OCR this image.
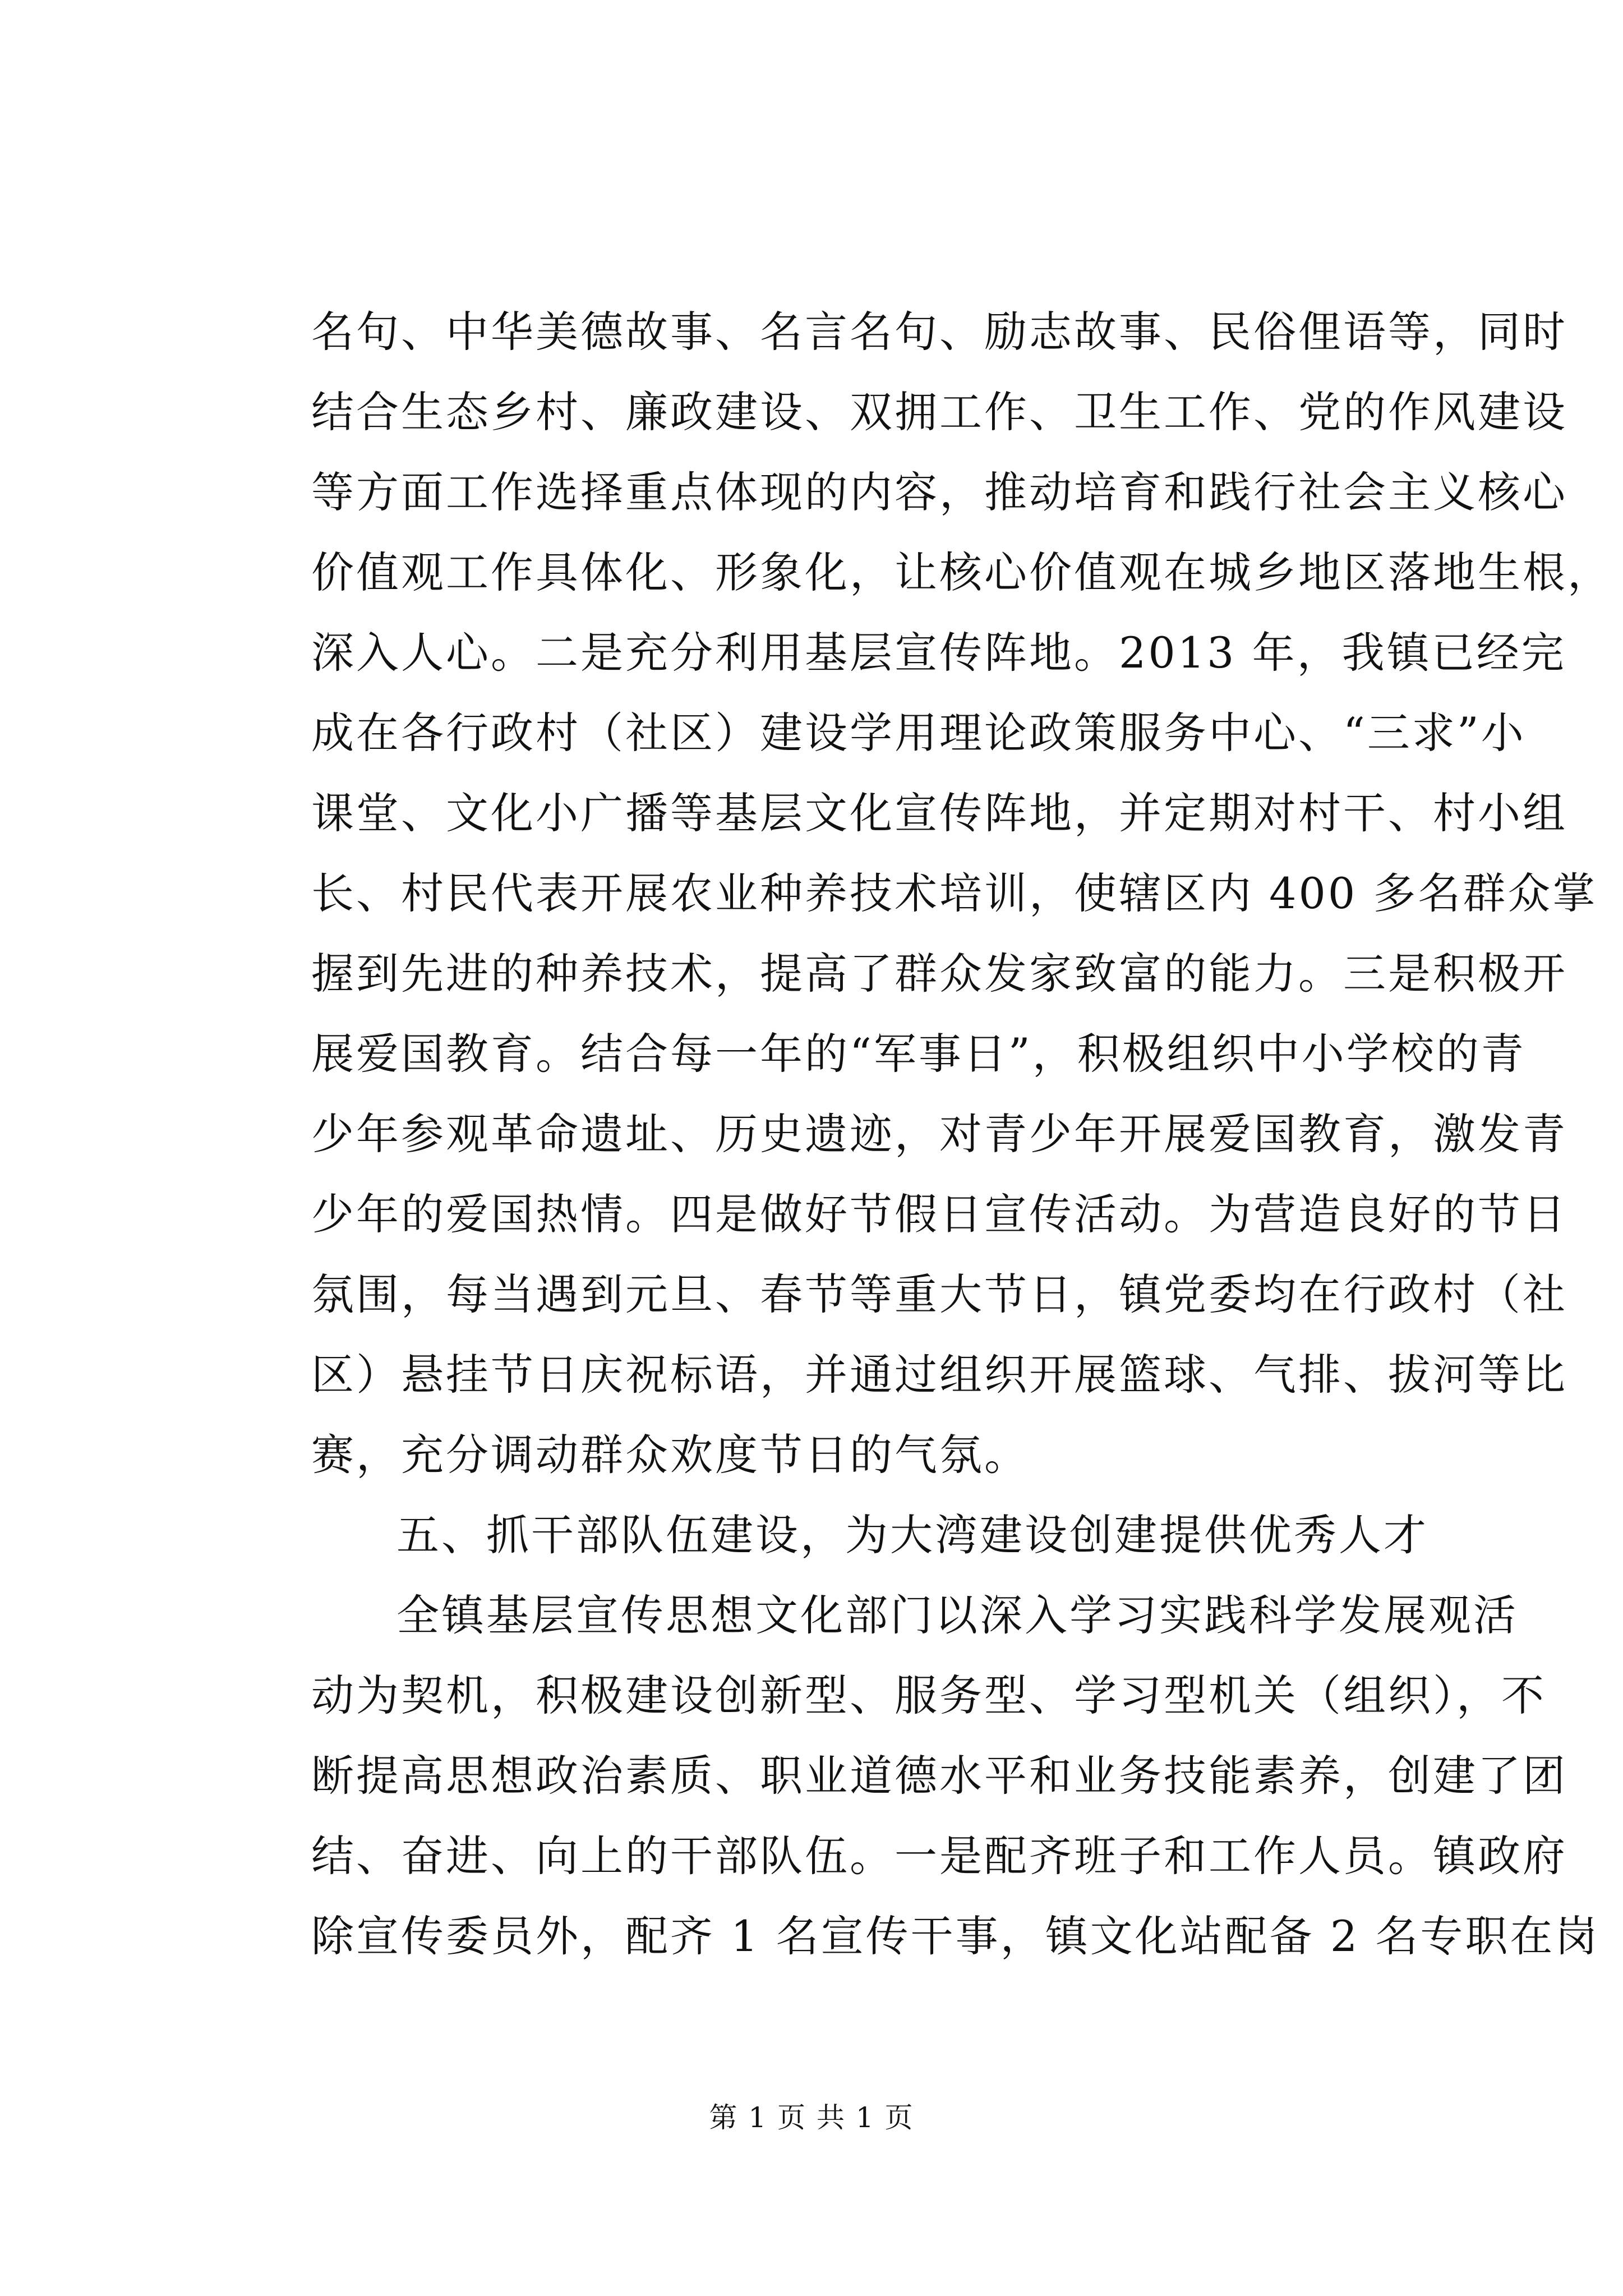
名句、中华美德故事、名言名句、励志故事、民俗俚语等，同时
结合生态乡村、廉政建设、双拥工作、卫生工作、党的作风建设
等方面工作选择重点体现的内容，推动培育和践行社会主义核心
价值观工作具体化、形象化，让核心价值观在城乡地区落地生根，
深入人心。二是充分利用基层宣传阵地。2013 年，我镇已经完
成在各行政村（社区）建设学用理论政策服务中心、“三求”小
课堂、文化小广播等基层文化宣传阵地，并定期对村干、村小组
长、村民代表开展农业种养技术培训，使辖区内 400 多名群众掌
握到先进的种养技术，提高了群众发家致富的能力。三是积极开
展爱国教育。结合每一年的“军事日”，积极组织中小学校的青
少年参观革命遗址、历史遗迹，对青少年开展爱国教育，激发青
少年的爱国热情。四是做好节假日宣传活动。为营造良好的节日
氛围，每当遇到元旦、春节等重大节日，镇党委均在行政村（社
区）悬挂节日庆祝标语，并通过组织开展篮球、气排、拔河等比
赛，充分调动群众欢度节日的气氛。
五、抓干部队伍建设，为大湾建设创建提供优秀人才
全镇基层宣传思想文化部门以深入学习实践科学发展观活
动为契机，积极建设创新型、服务型、学习型机关（组织），不
断提高思想政治素质、职业道德水平和业务技能素养，创建了团
结、奋进、向上的干部队伍。一是配齐班子和工作人员。镇政府
除宣传委员外，配齐 1 名宣传干事，镇文化站配备 2 名专职在岗
第 1 页 共 1 页
